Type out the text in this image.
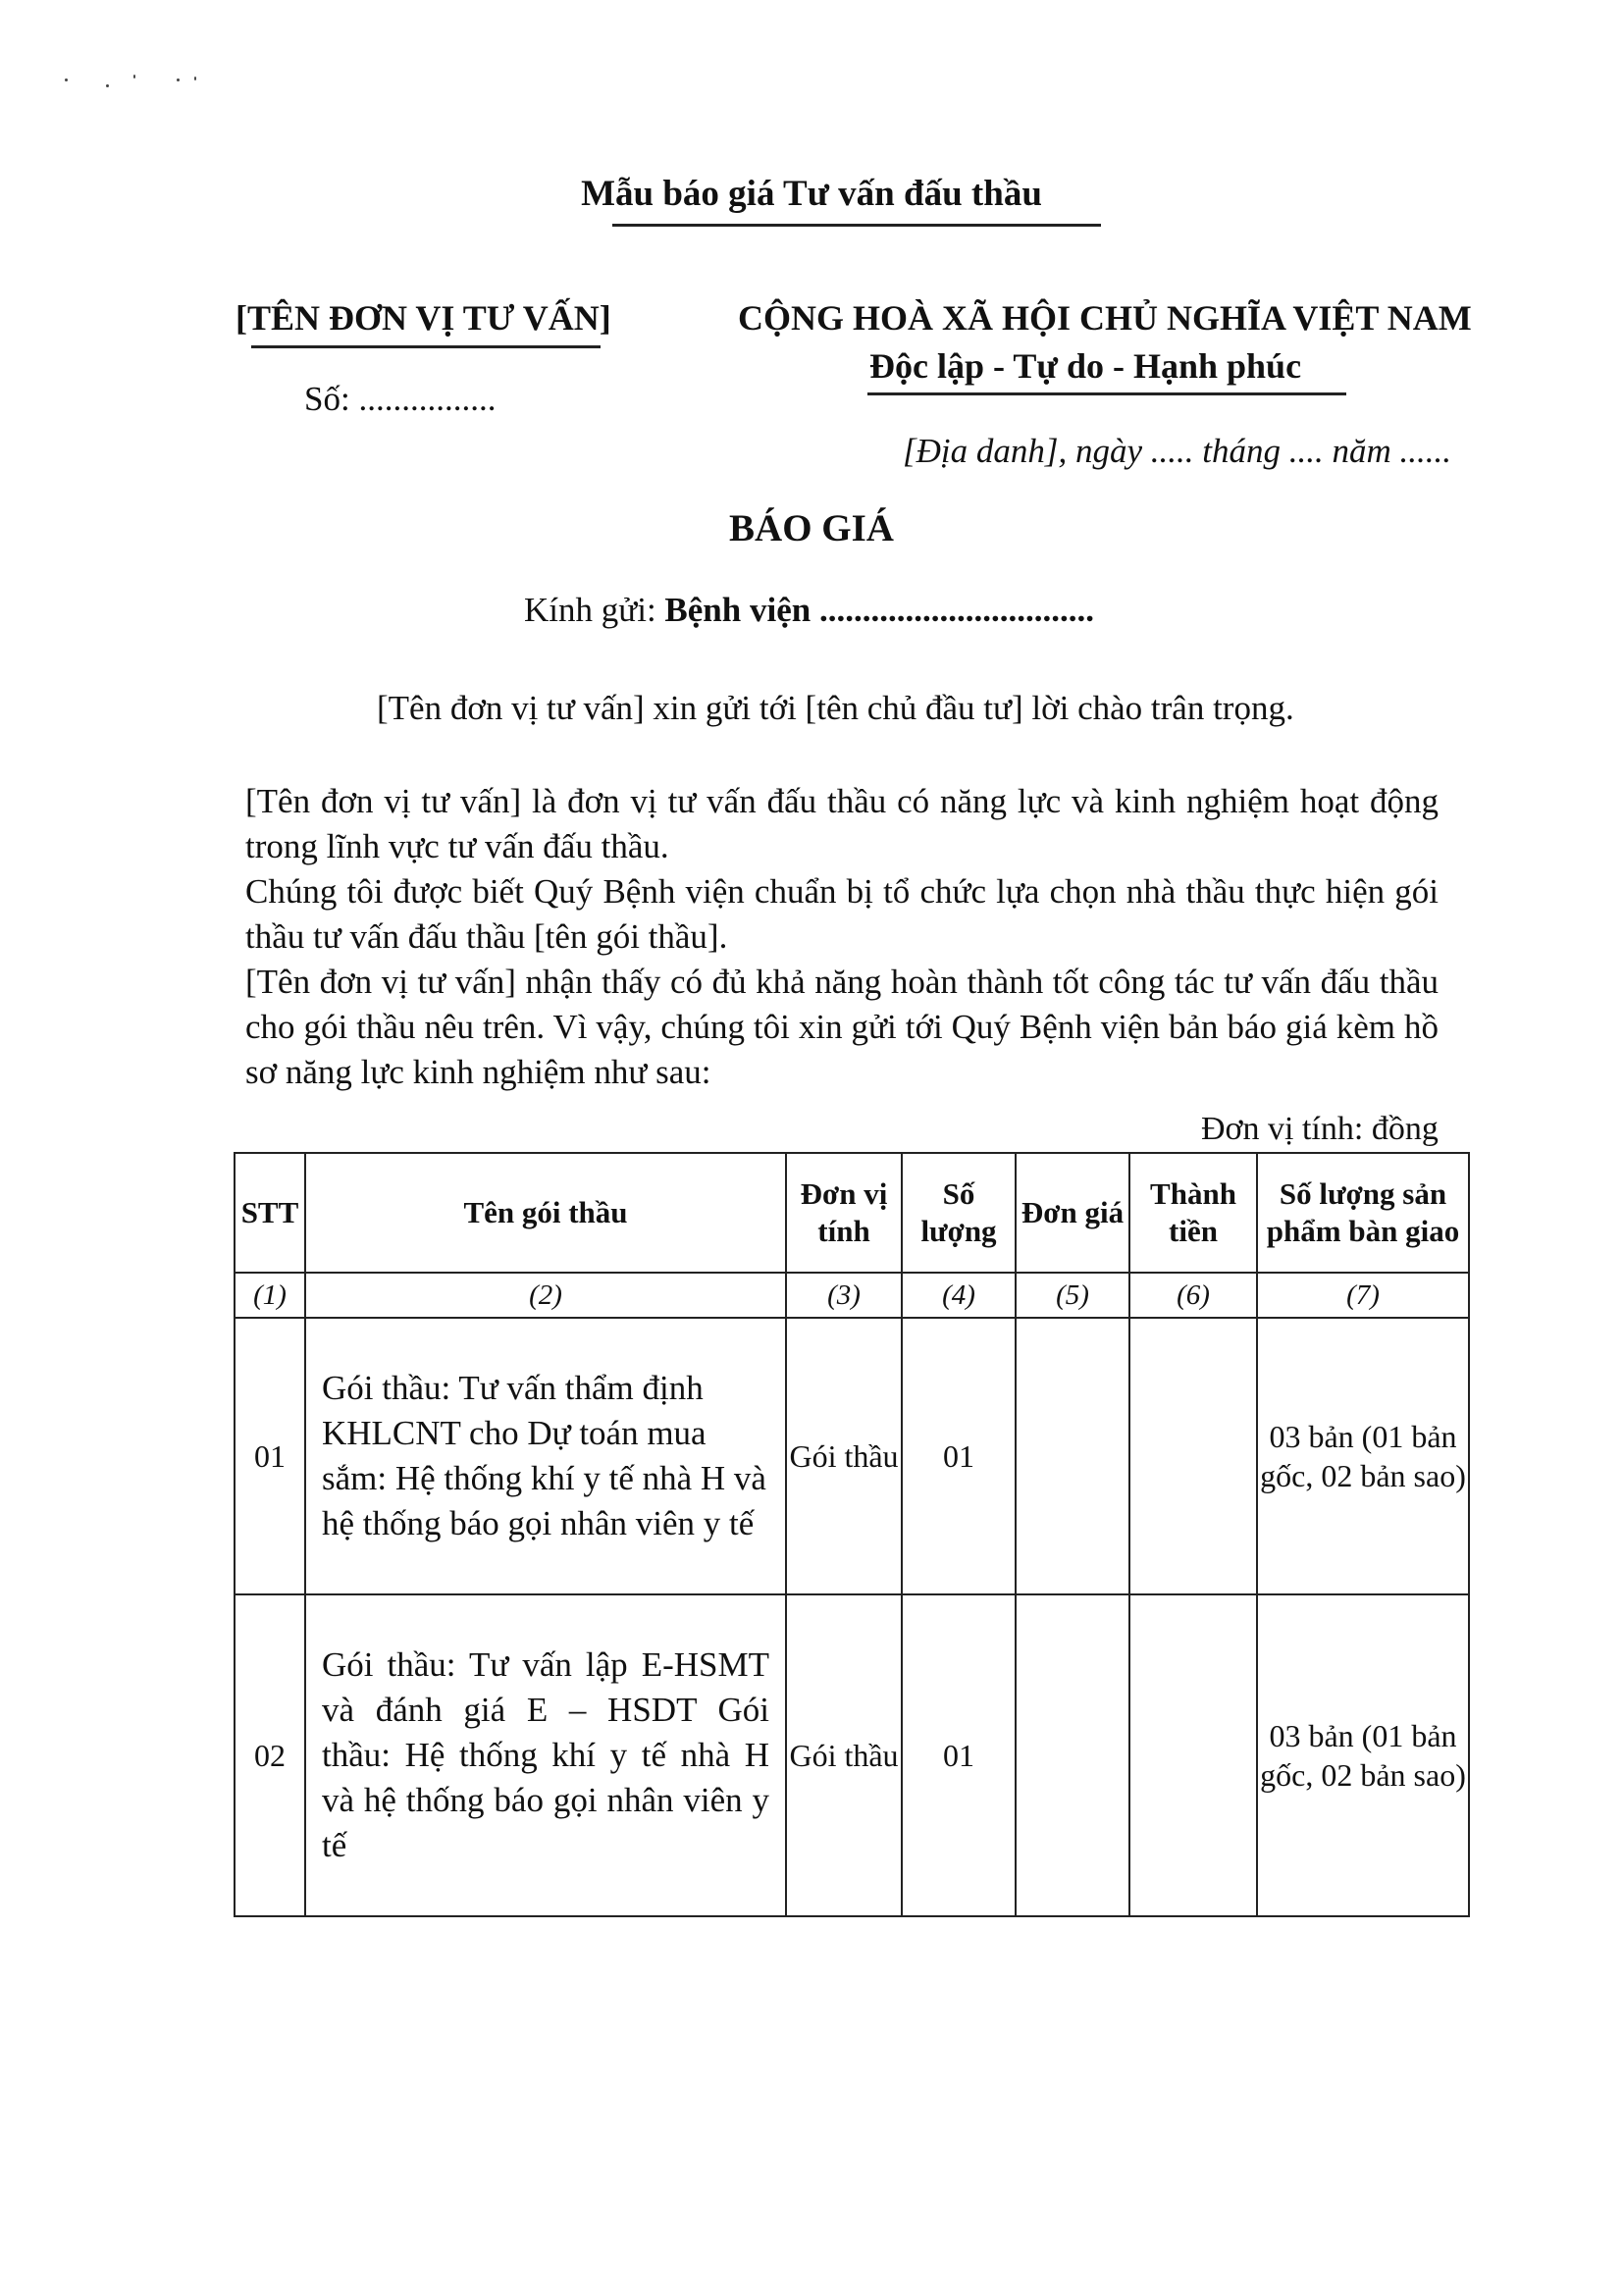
Mẫu báo giá Tư vấn đấu thầu
[TÊN ĐƠN VỊ TƯ VẤN]
Số: ................
CỘNG HOÀ XÃ HỘI CHỦ NGHĨA VIỆT NAM
Độc lập - Tự do - Hạnh phúc
[Địa danh], ngày ..... tháng .... năm ......
BÁO GIÁ
Kính gửi: Bệnh viện ................................
[Tên đơn vị tư vấn] xin gửi tới [tên chủ đầu tư] lời chào trân trọng.
[Tên đơn vị tư vấn] là đơn vị tư vấn đấu thầu có năng lực và kinh nghiệm hoạt động trong lĩnh vực tư vấn đấu thầu.
Chúng tôi được biết Quý Bệnh viện chuẩn bị tổ chức lựa chọn nhà thầu thực hiện gói thầu tư vấn đấu thầu [tên gói thầu].
[Tên đơn vị tư vấn] nhận thấy có đủ khả năng hoàn thành tốt công tác tư vấn đấu thầu cho gói thầu nêu trên. Vì vậy, chúng tôi xin gửi tới Quý Bệnh viện bản báo giá kèm hồ sơ năng lực kinh nghiệm như sau:
Đơn vị tính: đồng
STT	Tên gói thầu	Đơn vị tính	Số lượng	Đơn giá	Thành tiền	Số lượng sản phẩm bàn giao
(1)	(2)	(3)	(4)	(5)	(6)	(7)
01	Gói thầu: Tư vấn thẩm định KHLCNT cho Dự toán mua sắm: Hệ thống khí y tế nhà H và hệ thống báo gọi nhân viên y tế	Gói thầu	01			03 bản (01 bản gốc, 02 bản sao)
02	Gói thầu: Tư vấn lập E-HSMT và đánh giá E – HSDT Gói thầu: Hệ thống khí y tế nhà H và hệ thống báo gọi nhân viên y tế	Gói thầu	01			03 bản (01 bản gốc, 02 bản sao)
